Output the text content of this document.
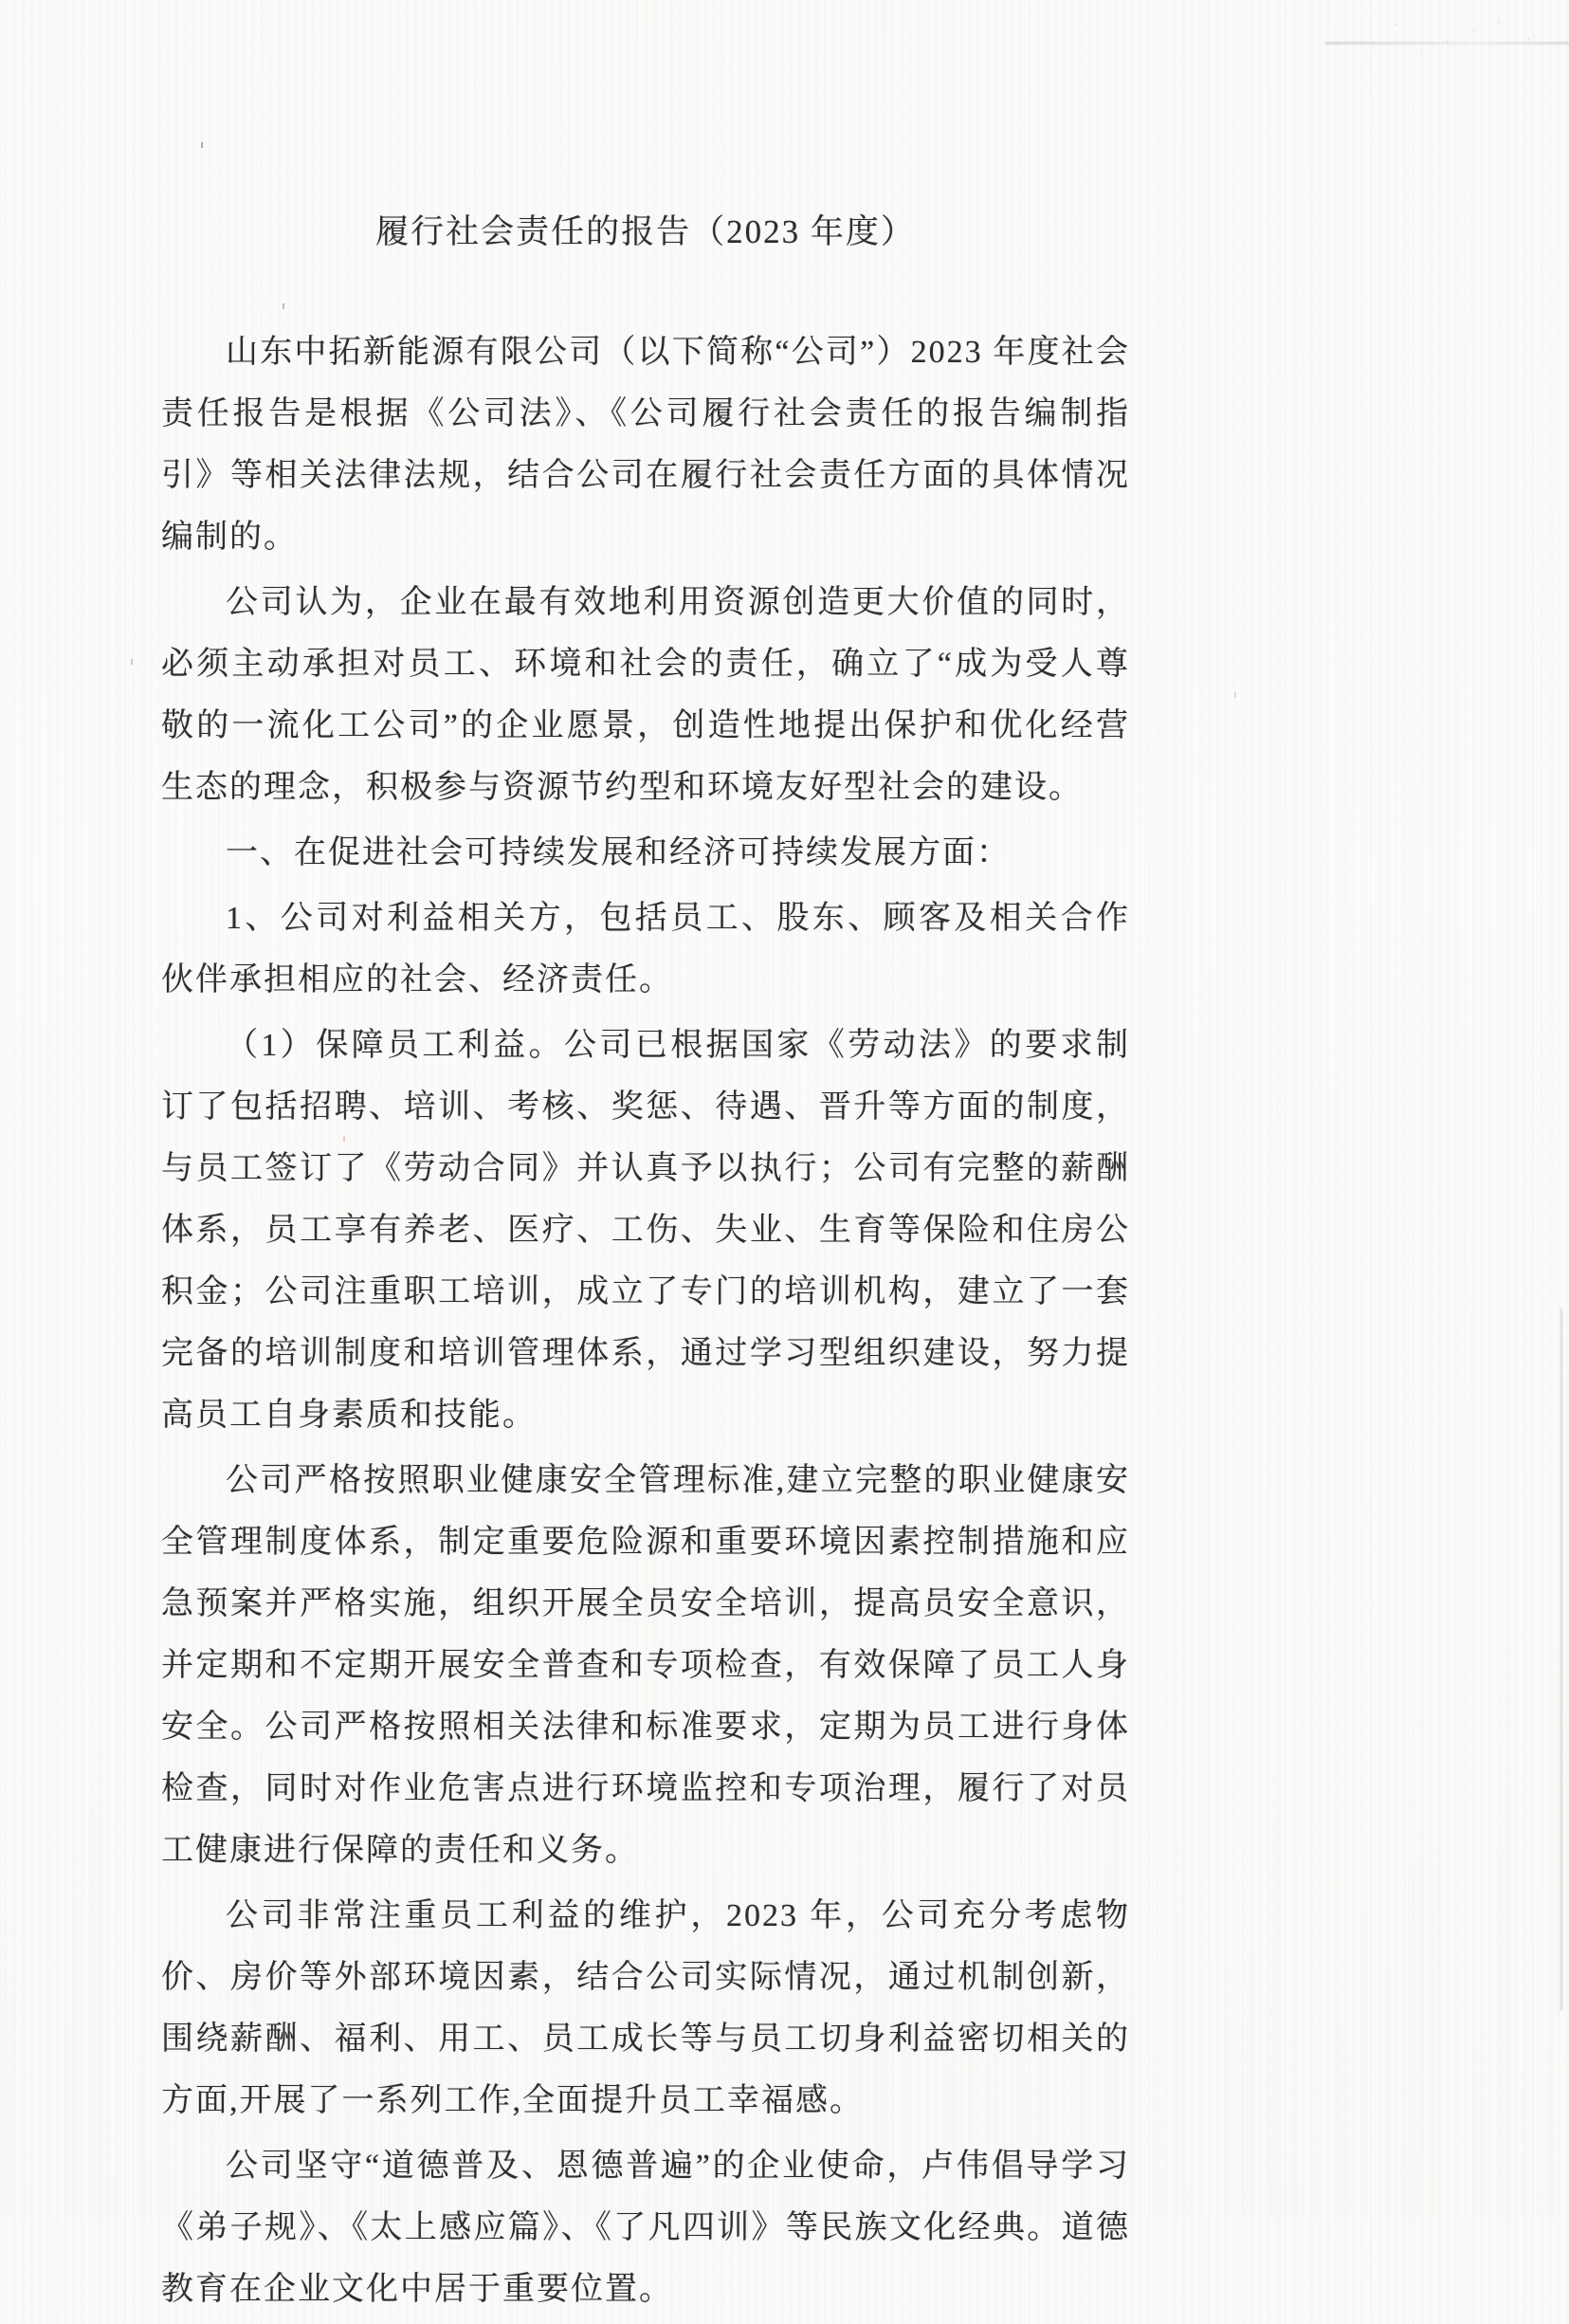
履行社会责任的报告（2023 年度）

山东中拓新能源有限公司（以下简称“公司”）2023 年度社会责任报告是根据《公司法》、《公司履行社会责任的报告编制指引》等相关法律法规，结合公司在履行社会责任方面的具体情况编制的。

公司认为，企业在最有效地利用资源创造更大价值的同时，必须主动承担对员工、环境和社会的责任，确立了“成为受人尊敬的一流化工公司”的企业愿景，创造性地提出保护和优化经营生态的理念，积极参与资源节约型和环境友好型社会的建设。

一、在促进社会可持续发展和经济可持续发展方面：

1、公司对利益相关方，包括员工、股东、顾客及相关合作伙伴承担相应的社会、经济责任。

（1）保障员工利益。公司已根据国家《劳动法》的要求制订了包括招聘、培训、考核、奖惩、待遇、晋升等方面的制度，与员工签订了《劳动合同》并认真予以执行；公司有完整的薪酬体系，员工享有养老、医疗、工伤、失业、生育等保险和住房公积金；公司注重职工培训，成立了专门的培训机构，建立了一套完备的培训制度和培训管理体系，通过学习型组织建设，努力提高员工自身素质和技能。

公司严格按照职业健康安全管理标准,建立完整的职业健康安全管理制度体系，制定重要危险源和重要环境因素控制措施和应急预案并严格实施，组织开展全员安全培训，提高员安全意识，并定期和不定期开展安全普查和专项检查，有效保障了员工人身安全。公司严格按照相关法律和标准要求，定期为员工进行身体检查，同时对作业危害点进行环境监控和专项治理，履行了对员工健康进行保障的责任和义务。

公司非常注重员工利益的维护，2023 年，公司充分考虑物价、房价等外部环境因素，结合公司实际情况，通过机制创新，围绕薪酬、福利、用工、员工成长等与员工切身利益密切相关的方面,开展了一系列工作,全面提升员工幸福感。

公司坚守“道德普及、恩德普遍”的企业使命，卢伟倡导学习《弟子规》、《太上感应篇》、《了凡四训》等民族文化经典。道德教育在企业文化中居于重要位置。
